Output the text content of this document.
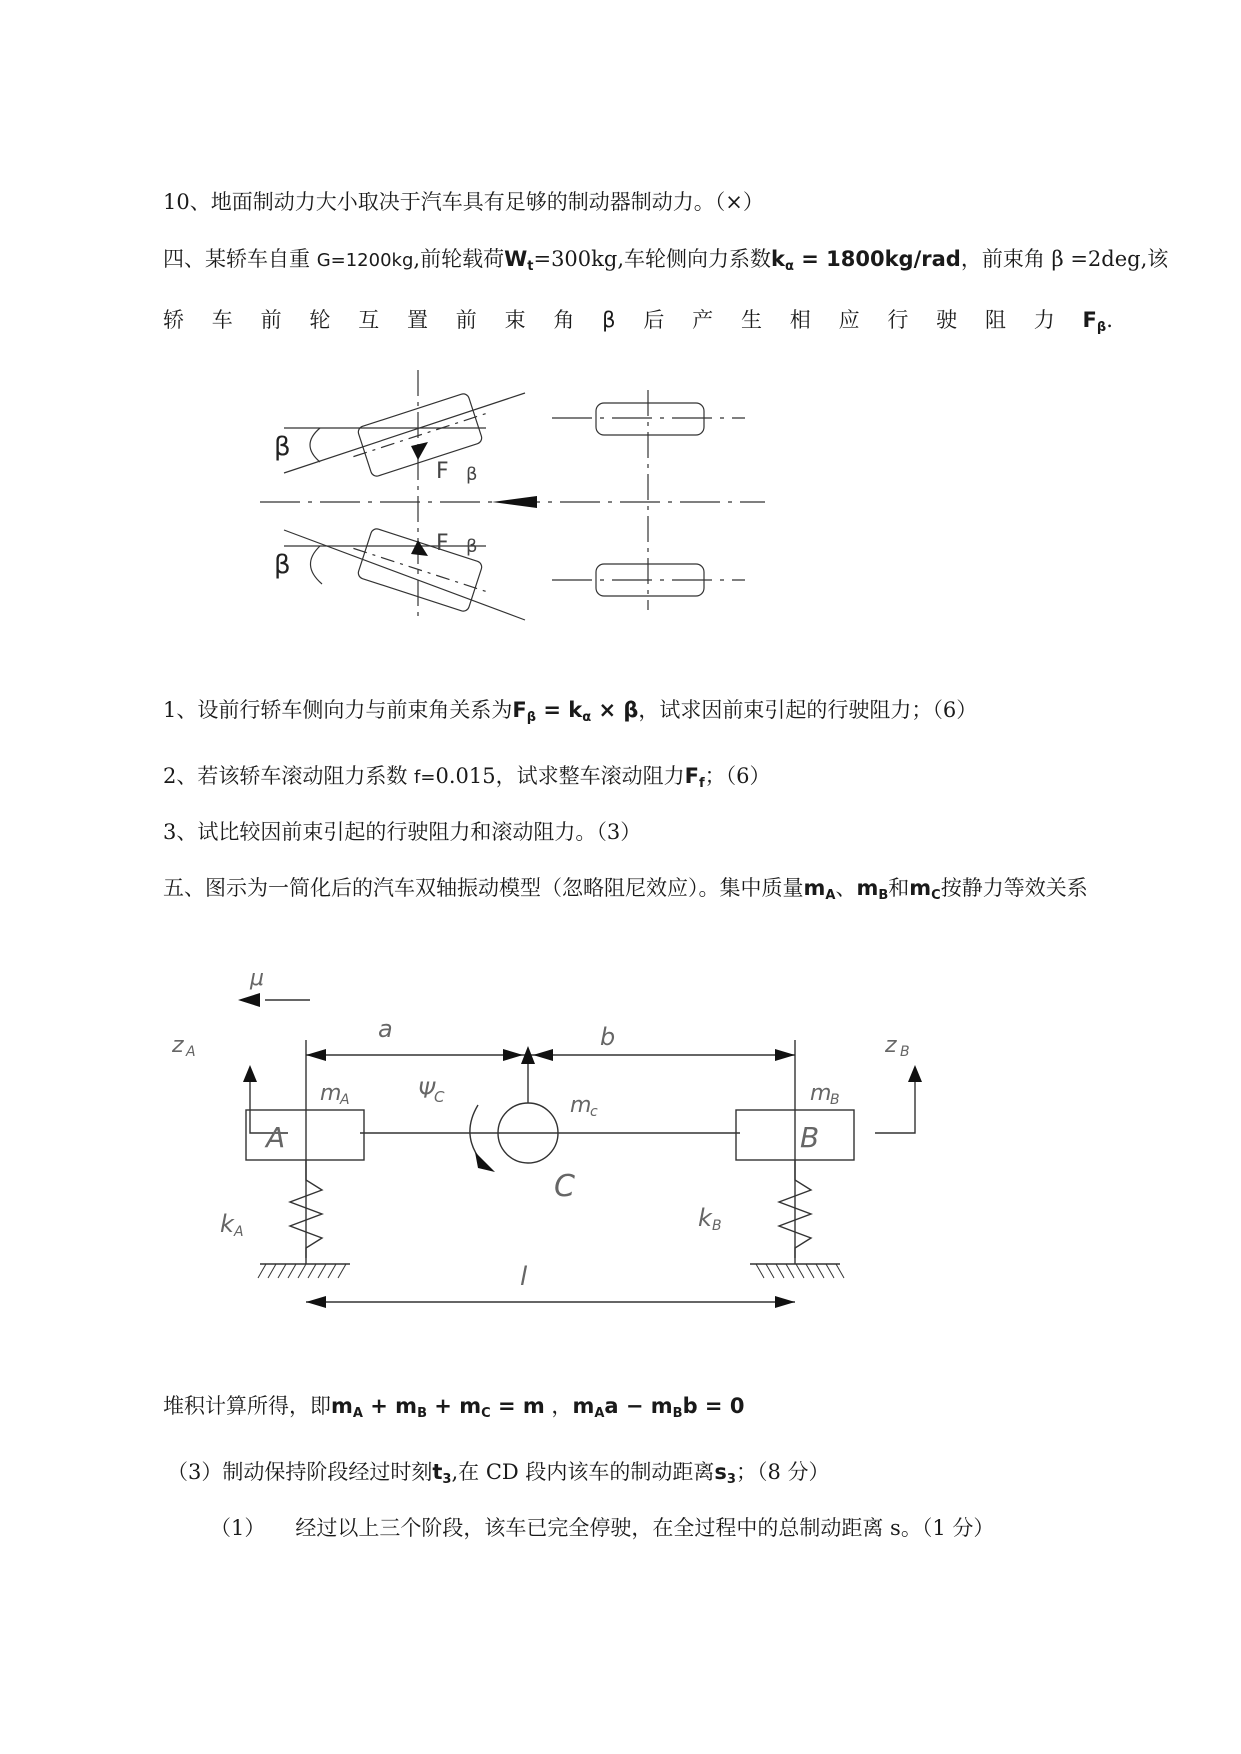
10、地面制动力大小取决于汽车具有足够的制动器制动力。（×）
四、某轿车自重 G=1200kg,前轮载荷$W_t=300kg$,车轮侧向力系数$k_\alpha = 1800kg/rad$，前束角 β =2deg,该
轿 车 前 轮 互 置 前 束 角 β 后 产 生 相 应 行 驶 阻 力 $F_\beta$.
β
β
F β
F β
1、设前行轿车侧向力与前束角关系为$F_\beta = k_\alpha \times \beta$，试求因前束引起的行驶阻力；（6）
2、若该轿车滚动阻力系数 f=0.015，试求整车滚动阻力$F_f$；（6）
3、试比较因前束引起的行驶阻力和滚动阻力。（3）
五、图示为一简化后的汽车双轴振动模型（忽略阻尼效应）。集中质量$m_A$、$m_B$和$m_C$按静力等效关系
μ
a	b
z A	z B
m
A	Ψ
C	m
c
m
B
A	B
C
k A	k B
l
堆积计算所得，即$m_A + m_B + m_C = m$ ，$m_Aa - m_Bb = 0$
（3）制动保持阶段经过时刻$t_3$,在 CD 段内该车的制动距离$s_3$；（8 分）
（1） 经过以上三个阶段，该车已完全停驶，在全过程中的总制动距离 s。（1 分）
